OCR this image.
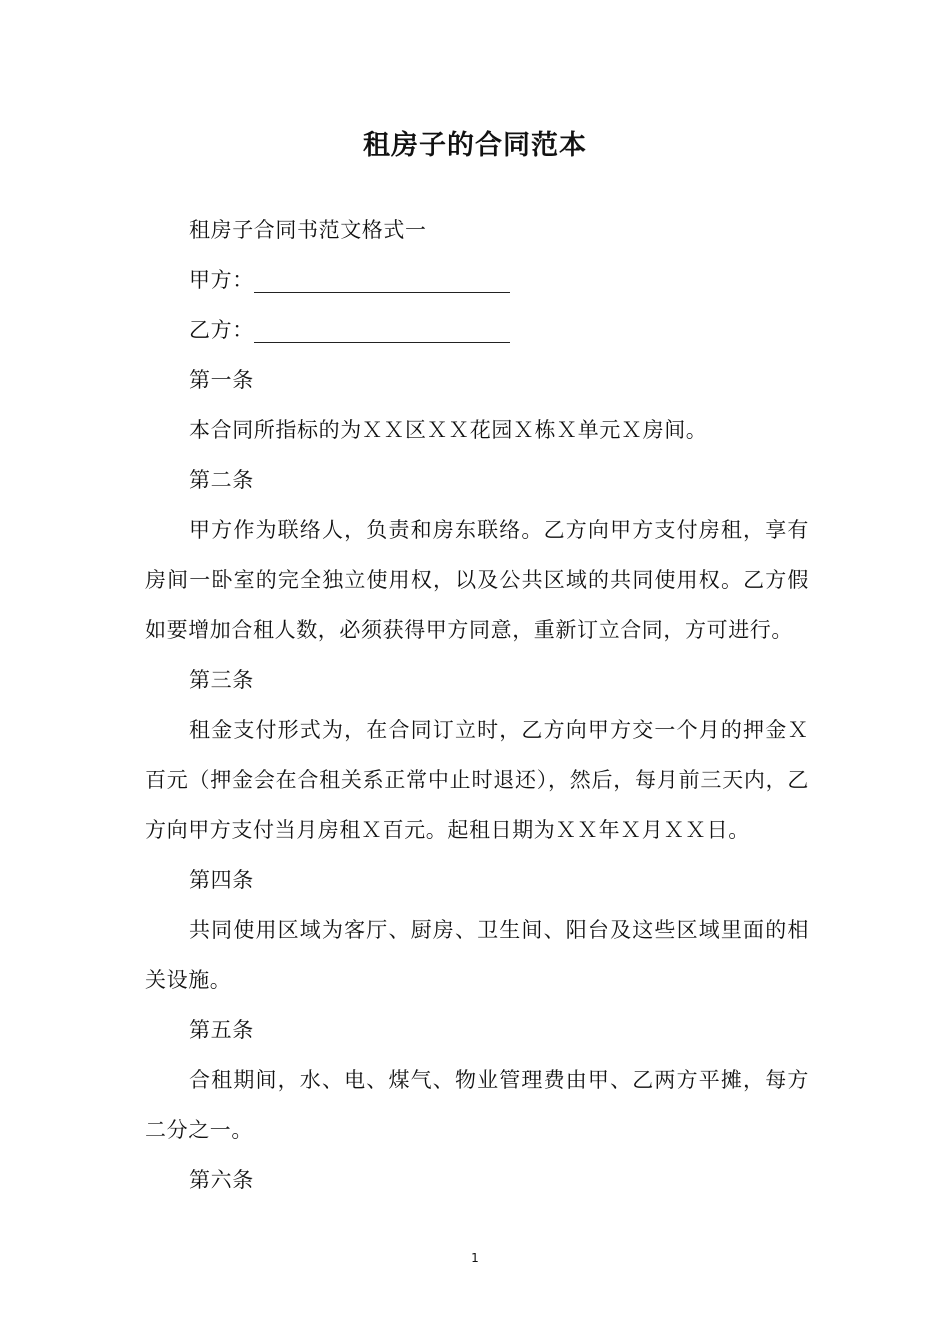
租房子的合同范本

租房子合同书范文格式一

甲方：

乙方：

第一条

本合同所指标的为ＸＸ区ＸＸ花园Ｘ栋Ｘ单元Ｘ房间。

第二条

甲方作为联络人，负责和房东联络。乙方向甲方支付房租，享有房间一卧室的完全独立使用权，以及公共区域的共同使用权。乙方假如要增加合租人数，必须获得甲方同意，重新订立合同，方可进行。

第三条

租金支付形式为，在合同订立时，乙方向甲方交一个月的押金Ｘ百元（押金会在合租关系正常中止时退还），然后，每月前三天内，乙方向甲方支付当月房租Ｘ百元。起租日期为ＸＸ年Ｘ月ＸＸ日。

第四条

共同使用区域为客厅、厨房、卫生间、阳台及这些区域里面的相关设施。

第五条

合租期间，水、电、煤气、物业管理费由甲、乙两方平摊，每方二分之一。

第六条

1
